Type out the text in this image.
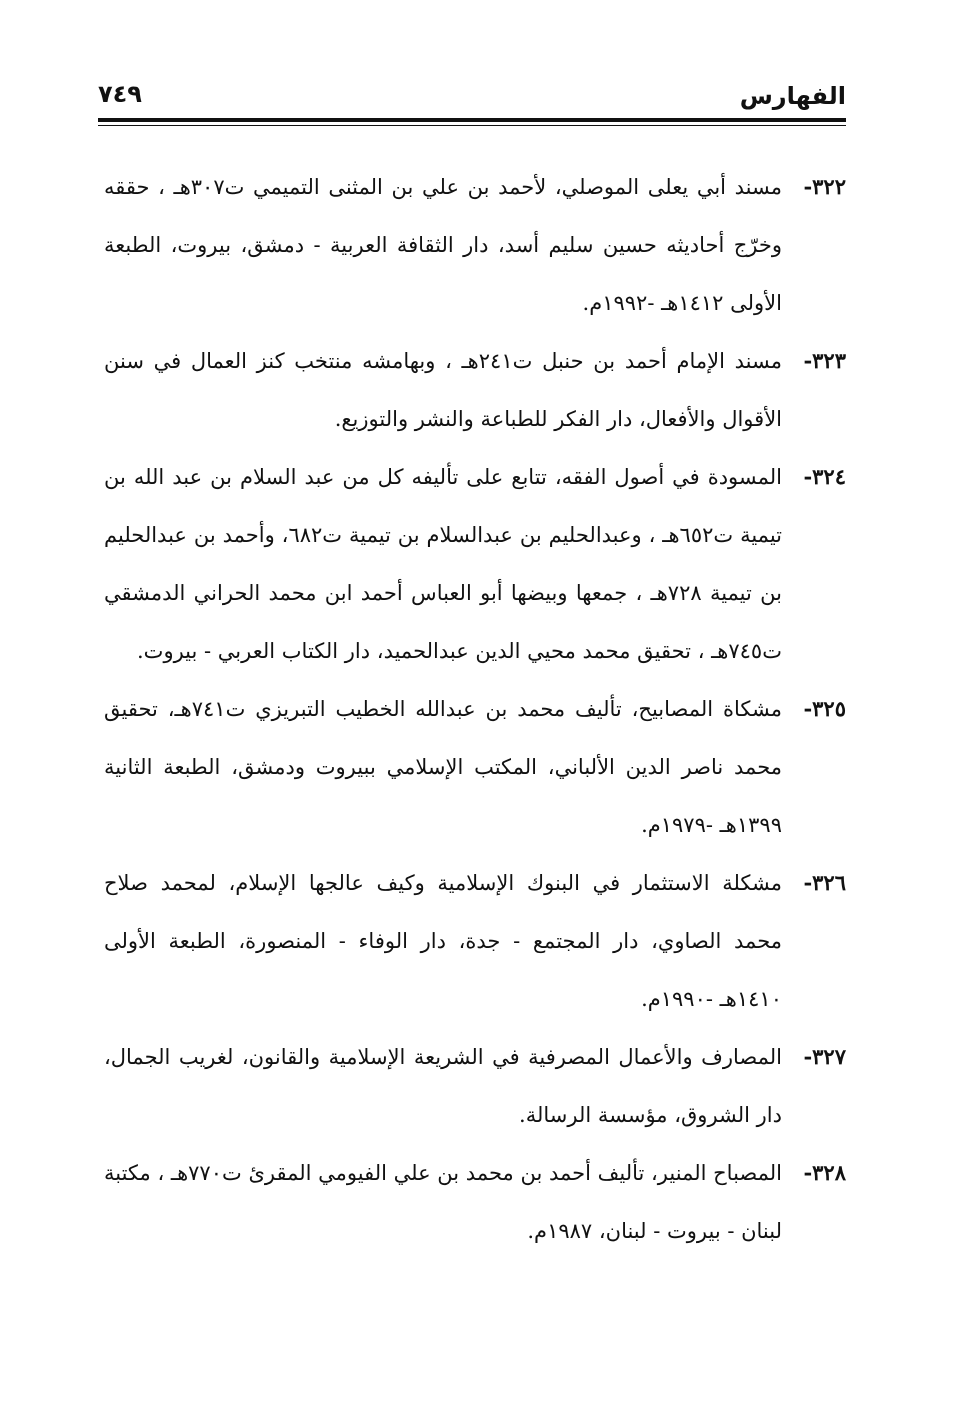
الفهارس
٧٤٩
٣٢٢-
مسند أبي يعلى الموصلي، لأحمد بن علي بن المثنى التميمي ت٣٠٧هـ ، حققه وخرّج أحاديثه حسين سليم أسد، دار الثقافة العربية - دمشق، بيروت، الطبعة الأولى ١٤١٢هـ -١٩٩٢م.
٣٢٣-
مسند الإمام أحمد بن حنبل ت٢٤١هـ ، وبهامشه منتخب كنز العمال في سنن الأقوال والأفعال، دار الفكر للطباعة والنشر والتوزيع.
٣٢٤-
المسودة في أصول الفقه، تتابع على تأليفه كل من عبد السلام بن عبد الله بن تيمية ت٦٥٢هـ ، وعبدالحليم بن عبدالسلام بن تيمية ت٦٨٢، وأحمد بن عبدالحليم بن تيمية ٧٢٨هـ ، جمعها وبيضها أبو العباس أحمد ابن محمد الحراني الدمشقي ت٧٤٥هـ ، تحقيق محمد محيي الدين عبدالحميد، دار الكتاب العربي - بيروت.
٣٢٥-
مشكاة المصابيح، تأليف محمد بن عبدالله الخطيب التبريزي ت٧٤١هـ، تحقيق محمد ناصر الدين الألباني، المكتب الإسلامي ببيروت ودمشق، الطبعة الثانية ١٣٩٩هـ -١٩٧٩م.
٣٢٦-
مشكلة الاستثمار في البنوك الإسلامية وكيف عالجها الإسلام، لمحمد صلاح محمد الصاوي، دار المجتمع - جدة، دار الوفاء - المنصورة، الطبعة الأولى ١٤١٠هـ -١٩٩٠م.
٣٢٧-
المصارف والأعمال المصرفية في الشريعة الإسلامية والقانون، لغريب الجمال، دار الشروق، مؤسسة الرسالة.
٣٢٨-
المصباح المنير، تأليف أحمد بن محمد بن علي الفيومي المقرئ ت٧٧٠هـ ، مكتبة لبنان - بيروت - لبنان، ١٩٨٧م.
